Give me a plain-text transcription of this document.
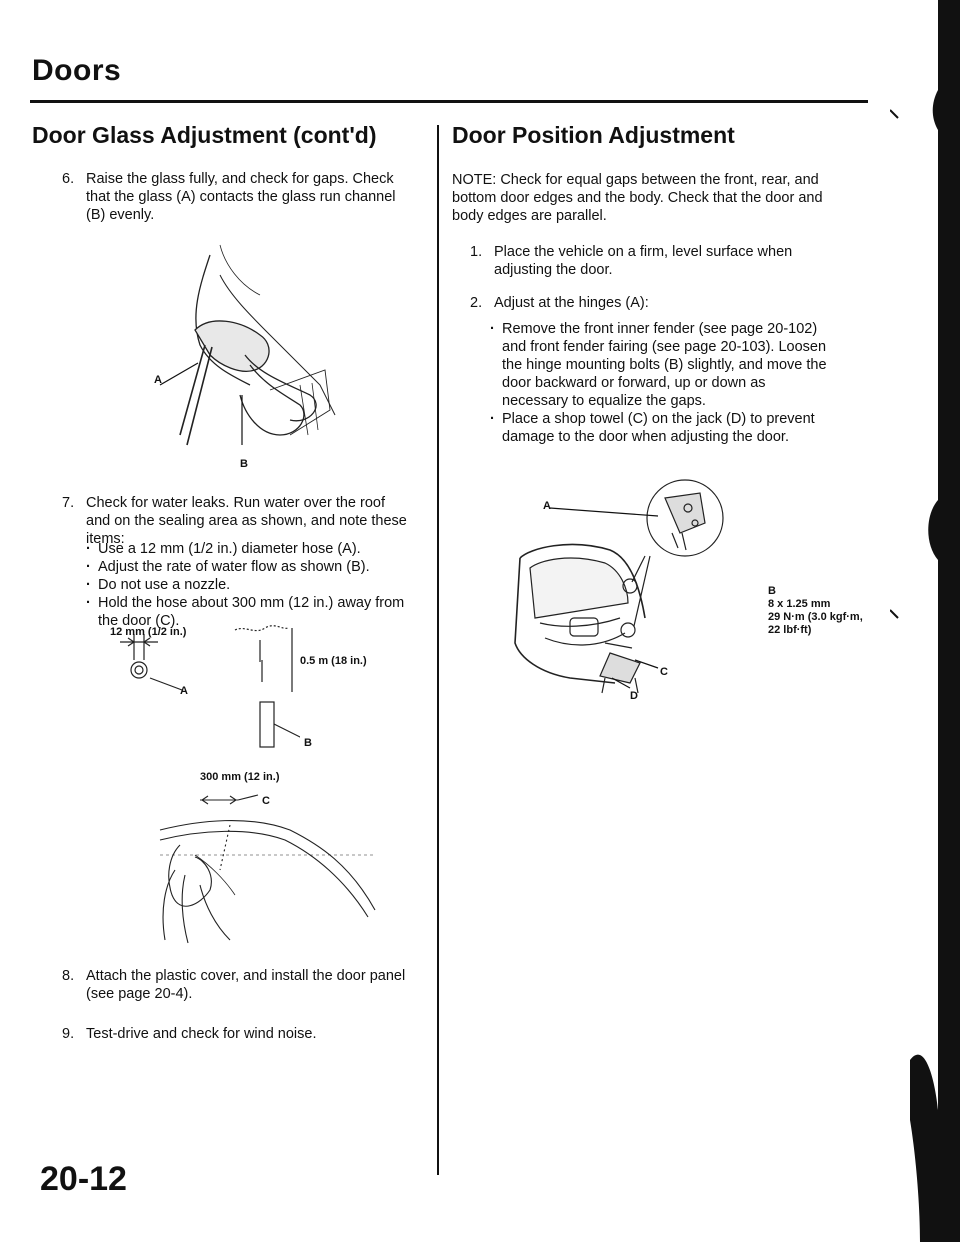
Doors
Door Glass Adjustment (cont'd)
6. Raise the glass fully, and check for gaps. Check that the glass (A) contacts the glass run channel (B) evenly.
A
B
7. Check for water leaks. Run water over the roof and on the sealing area as shown, and note these items:
· Use a 12 mm (1/2 in.) diameter hose (A).
· Adjust the rate of water flow as shown (B).
· Do not use a nozzle.
· Hold the hose about 300 mm (12 in.) away from the door (C).
12 mm (1/2 in.)
A
0.5 m (18 in.)
B
300 mm (12 in.)
C
8. Attach the plastic cover, and install the door panel (see page 20-4).
9. Test-drive and check for wind noise.
Door Position Adjustment
NOTE: Check for equal gaps between the front, rear, and bottom door edges and the body. Check that the door and body edges are parallel.
1. Place the vehicle on a firm, level surface when adjusting the door.
2. Adjust at the hinges (A):
· Remove the front inner fender (see page 20-102) and front fender fairing (see page 20-103). Loosen the hinge mounting bolts (B) slightly, and move the door backward or forward, up or down as necessary to equalize the gaps.
· Place a shop towel (C) on the jack (D) to prevent damage to the door when adjusting the door.
A
B
8 x 1.25 mm
29 N·m (3.0 kgf·m, 22 lbf·ft)
C
D
20-12
